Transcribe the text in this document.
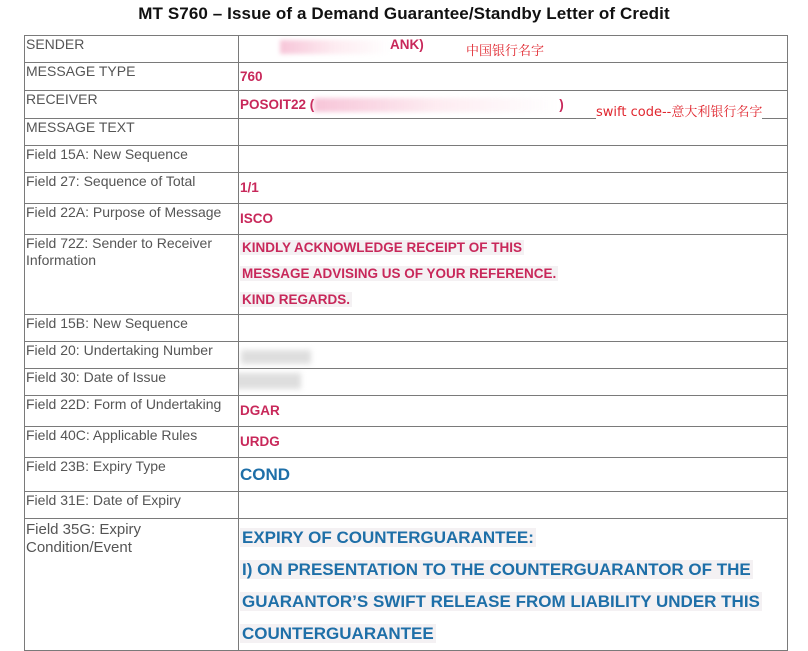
MT S760 – Issue of a Demand Guarantee/Standby Letter of Credit
SENDER	ANK)
MESSAGE TYPE	760
RECEIVER	POSOIT22 ( )
MESSAGE TEXT	
Field 15A: New Sequence	
Field 27: Sequence of Total	1/1
Field 22A: Purpose of Message	ISCO
Field 72Z: Sender to Receiver Information	KINDLY ACKNOWLEDGE RECEIPT OF THIS
MESSAGE ADVISING US OF YOUR REFERENCE.
KIND REGARDS.

Field 15B: New Sequence	
Field 20: Undertaking Number	

Field 30: Date of Issue	

Field 22D: Form of Undertaking	DGAR
Field 40C: Applicable Rules	URDG
Field 23B: Expiry Type	COND
Field 31E: Date of Expiry	
Field 35G: Expiry Condition/Event	EXPIRY OF COUNTERGUARANTEE:
I) ON PRESENTATION TO THE COUNTERGUARANTOR OF THE
GUARANTOR’S SWIFT RELEASE FROM LIABILITY UNDER THIS
COUNTERGUARANTEE
中国银行名字
swift code--意大利银行名字
